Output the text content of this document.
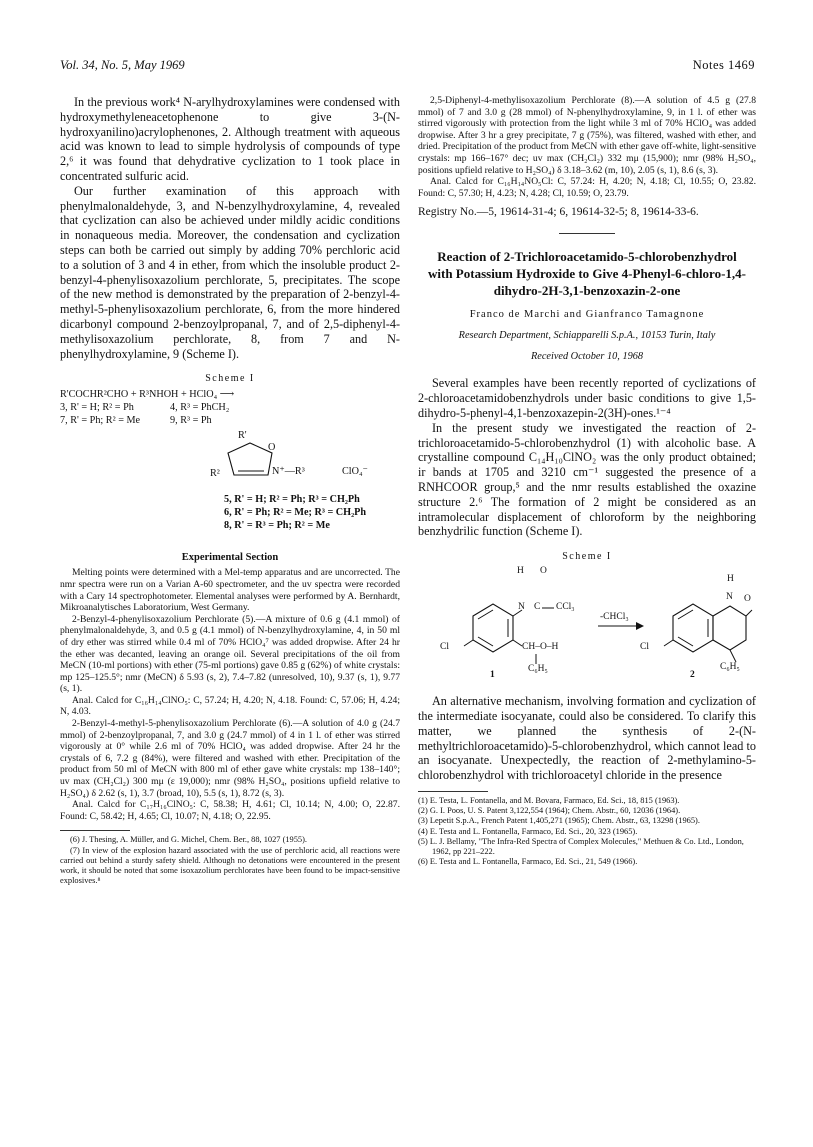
Vol. 34, No. 5, May 1969	Notes 1469

In the previous work⁴ N-arylhydroxylamines were condensed with hydroxymethyleneacetophenone to give 3-(N-hydroxyanilino)acrylophenones, 2. Although treatment with aqueous acid was known to lead to simple hydrolysis of compounds of type 2,⁶ it was found that dehydrative cyclization to 1 took place in concentrated sulfuric acid.

Our further examination of this approach with phenylmalonaldehyde, 3, and N-benzylhydroxylamine, 4, revealed that cyclization can also be achieved under mildly acidic conditions in nonaqueous media. Moreover, the condensation and cyclization steps can both be carried out simply by adding 70% perchloric acid to a solution of 3 and 4 in ether, from which the insoluble product 2-benzyl-4-phenylisoxazolium perchlorate, 5, precipitates. The scope of the new method is demonstrated by the preparation of 2-benzyl-4-methyl-5-phenylisoxazolium perchlorate, 6, from the more hindered dicarbonyl compound 2-benzoylpropanal, 7, and of 2,5-diphenyl-4-methylisoxazolium perchlorate, 8, from 7 and N-phenylhydroxylamine, 9 (Scheme I).

Scheme I
R'COCHR²CHO + R³NHOH + HClO₄ ⟶
3, R' = H; R² = Ph	4, R³ = PhCH₂
7, R' = Ph; R² = Me	9, R³ = Ph
R'
O
R²	N⁺—R³	ClO₄⁻
5, R' = H; R² = Ph; R³ = CH₂Ph
6, R' = Ph; R² = Me; R³ = CH₂Ph
8, R' = R³ = Ph; R² = Me
Experimental Section

Melting points were determined with a Mel-temp apparatus and are uncorrected. The nmr spectra were run on a Varian A-60 spectrometer, and the uv spectra were recorded with a Cary 14 spectrophotometer. Elemental analyses were performed by A. Bernhardt, Mikroanalytisches Laboratorium, West Germany.

2-Benzyl-4-phenylisoxazolium Perchlorate (5).—A mixture of 0.6 g (4.1 mmol) of phenylmalonaldehyde, 3, and 0.5 g (4.1 mmol) of N-benzylhydroxylamine, 4, in 50 ml of dry ether was stirred while 0.4 ml of 70% HClO₄⁷ was added dropwise. After 24 hr the ether was decanted, leaving an orange oil. Several precipitations of the oil from MeCN (10-ml portions) with ether (75-ml portions) gave 0.85 g (62%) of white crystals: mp 125–125.5°; nmr (MeCN) δ 5.93 (s, 2), 7.4–7.82 (unresolved, 10), 9.37 (s, 1), 9.77 (s, 1).

Anal. Calcd for C₁₆H₁₄ClNO₅: C, 57.24; H, 4.20; N, 4.18. Found: C, 57.06; H, 4.24; N, 4.03.

2-Benzyl-4-methyl-5-phenylisoxazolium Perchlorate (6).—A solution of 4.0 g (24.7 mmol) of 2-benzoylpropanal, 7, and 3.0 g (24.7 mmol) of 4 in 1 l. of ether was stirred vigorously at 0° while 2.6 ml of 70% HClO₄ was added dropwise. After 24 hr the crystals of 6, 7.2 g (84%), were filtered and washed with ether. Precipitation of the product from 50 ml of MeCN with 800 ml of ether gave white crystals: mp 138–140°; uv max (CH₂Cl₂) 300 mμ (ε 19,000); nmr (98% H₂SO₄, positions upfield relative to H₂SO₄) δ 2.62 (s, 1), 3.7 (broad, 10), 5.5 (s, 1), 8.72 (s, 3).

Anal. Calcd for C₁₇H₁₆ClNO₅: C, 58.38; H, 4.61; Cl, 10.14; N, 4.00; O, 22.87. Found: C, 58.42; H, 4.65; Cl, 10.07; N, 4.18; O, 22.95.

(6) J. Thesing, A. Müller, and G. Michel, Chem. Ber., 88, 1027 (1955).

(7) In view of the explosion hazard associated with the use of perchloric acid, all reactions were carried out behind a sturdy safety shield. Although no detonations were encountered in the present work, it should be noted that some isoxazolium perchlorates have been found to be impact-sensitive explosives.⁸

2,5-Diphenyl-4-methylisoxazolium Perchlorate (8).—A solution of 4.5 g (27.8 mmol) of 7 and 3.0 g (28 mmol) of N-phenylhydroxylamine, 9, in 1 l. of ether was stirred vigorously with protection from the light while 3 ml of 70% HClO₄ was added dropwise. After 3 hr a grey precipitate, 7 g (75%), was filtered, washed with ether, and dried. Precipitation of the product from MeCN with ether gave off-white, light-sensitive crystals: mp 166–167° dec; uv max (CH₂Cl₂) 332 mμ (15,900); nmr (98% H₂SO₄, positions upfield relative to H₂SO₄) δ 3.18–3.62 (m, 10), 2.05 (s, 1), 8.6 (s, 3).

Anal. Calcd for C₁₆H₁₄NO₅Cl: C, 57.24: H, 4.20; N, 4.18; Cl, 10.55; O, 23.82. Found: C, 57.30; H, 4.23; N, 4.28; Cl, 10.59; O, 23.79.

Registry No.—5, 19614-31-4; 6, 19614-32-5; 8, 19614-33-6.

Reaction of 2-Trichloroacetamido-5-chlorobenzhydrol with Potassium Hydroxide to Give 4-Phenyl-6-chloro-1,4-dihydro-2H-3,1-benzoxazin-2-one
Franco de Marchi and Gianfranco Tamagnone
Research Department, Schiapparelli S.p.A., 10153 Turin, Italy
Received October 10, 1968

Several examples have been recently reported of cyclizations of 2-chloroacetamidobenzhydrols under basic conditions to give 1,5-dihydro-5-phenyl-4,1-benzoxazepin-2(3H)-ones.¹⁻⁴

In the present study we investigated the reaction of 2-trichloroacetamido-5-chlorobenzhydrol (1) with alcoholic base. A crystalline compound C₁₄H₁₀ClNO₂ was the only product obtained; ir bands at 1705 and 3210 cm⁻¹ suggested the presence of a RNHCOOR group,⁵ and the nmr results established the oxazine structure 2.⁶ The formation of 2 might be considered as an intramolecular displacement of chloroform by the neighboring benzhydrilic function (Scheme I).

Scheme I
H O
N C CCl₃
Cl	CH–O–H
C₆H₅
1
-CHCl₃
H
N O
Cl
C₆H₅
2

An alternative mechanism, involving formation and cyclization of the intermediate isocyanate, could also be considered. To clarify this matter, we planned the synthesis of 2-(N-methyltrichloroacetamido)-5-chlorobenzhydrol, which cannot lead to an isocyanate. Unexpectedly, the reaction of 2-methylamino-5-chlorobenzhydrol with trichloroacetyl chloride in the presence

(1) E. Testa, L. Fontanella, and M. Bovara, Farmaco, Ed. Sci., 18, 815 (1963).
(2) G. I. Poos, U. S. Patent 3,122,554 (1964); Chem. Abstr., 60, 12036 (1964).
(3) Lepetit S.p.A., French Patent 1,405,271 (1965); Chem. Abstr., 63, 13298 (1965).
(4) E. Testa and L. Fontanella, Farmaco, Ed. Sci., 20, 323 (1965).
(5) L. J. Bellamy, "The Infra-Red Spectra of Complex Molecules," Methuen & Co. Ltd., London, 1962, pp 221–222.
(6) E. Testa and L. Fontanella, Farmaco, Ed. Sci., 21, 549 (1966).
